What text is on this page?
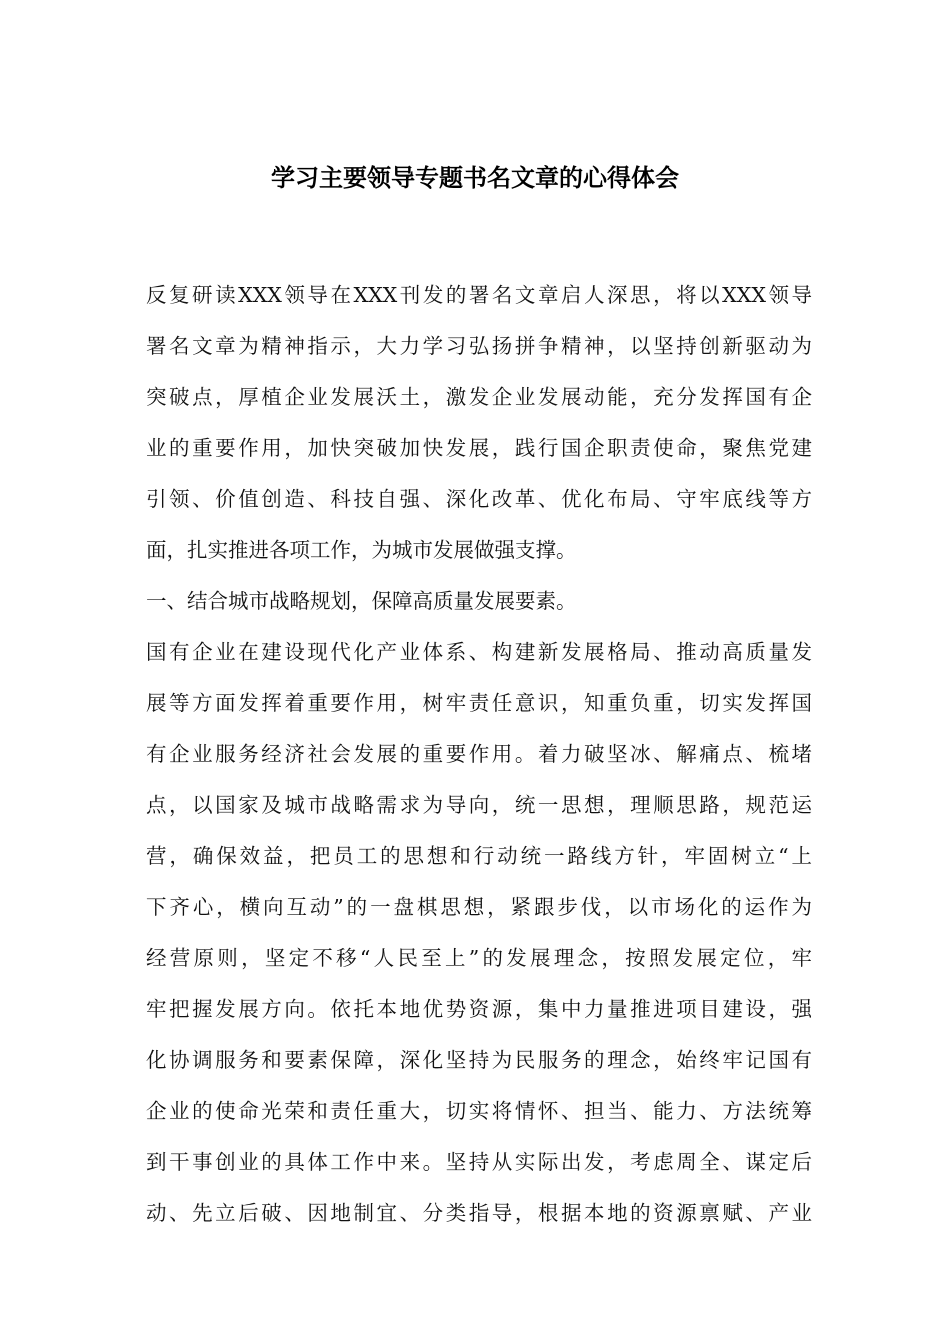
学习主要领导专题书名文章的心得体会
反复研读XXX领导在XXX刊发的署名文章启人深思，将以XXX领导
署名文章为精神指示，大力学习弘扬拼争精神，以坚持创新驱动为
突破点，厚植企业发展沃土，激发企业发展动能，充分发挥国有企
业的重要作用，加快突破加快发展，践行国企职责使命，聚焦党建
引领、价值创造、科技自强、深化改革、优化布局、守牢底线等方
面，扎实推进各项工作，为城市发展做强支撑。
一、结合城市战略规划，保障高质量发展要素。
国有企业在建设现代化产业体系、构建新发展格局、推动高质量发
展等方面发挥着重要作用，树牢责任意识，知重负重，切实发挥国
有企业服务经济社会发展的重要作用。着力破坚冰、解痛点、梳堵
点，以国家及城市战略需求为导向，统一思想，理顺思路，规范运
营，确保效益，把员工的思想和行动统一路线方针，牢固树立“上
下齐心，横向互动”的一盘棋思想，紧跟步伐，以市场化的运作为
经营原则，坚定不移“人民至上”的发展理念，按照发展定位，牢
牢把握发展方向。依托本地优势资源，集中力量推进项目建设，强
化协调服务和要素保障，深化坚持为民服务的理念，始终牢记国有
企业的使命光荣和责任重大，切实将情怀、担当、能力、方法统筹
到干事创业的具体工作中来。坚持从实际出发，考虑周全、谋定后
动、先立后破、因地制宜、分类指导，根据本地的资源禀赋、产业
